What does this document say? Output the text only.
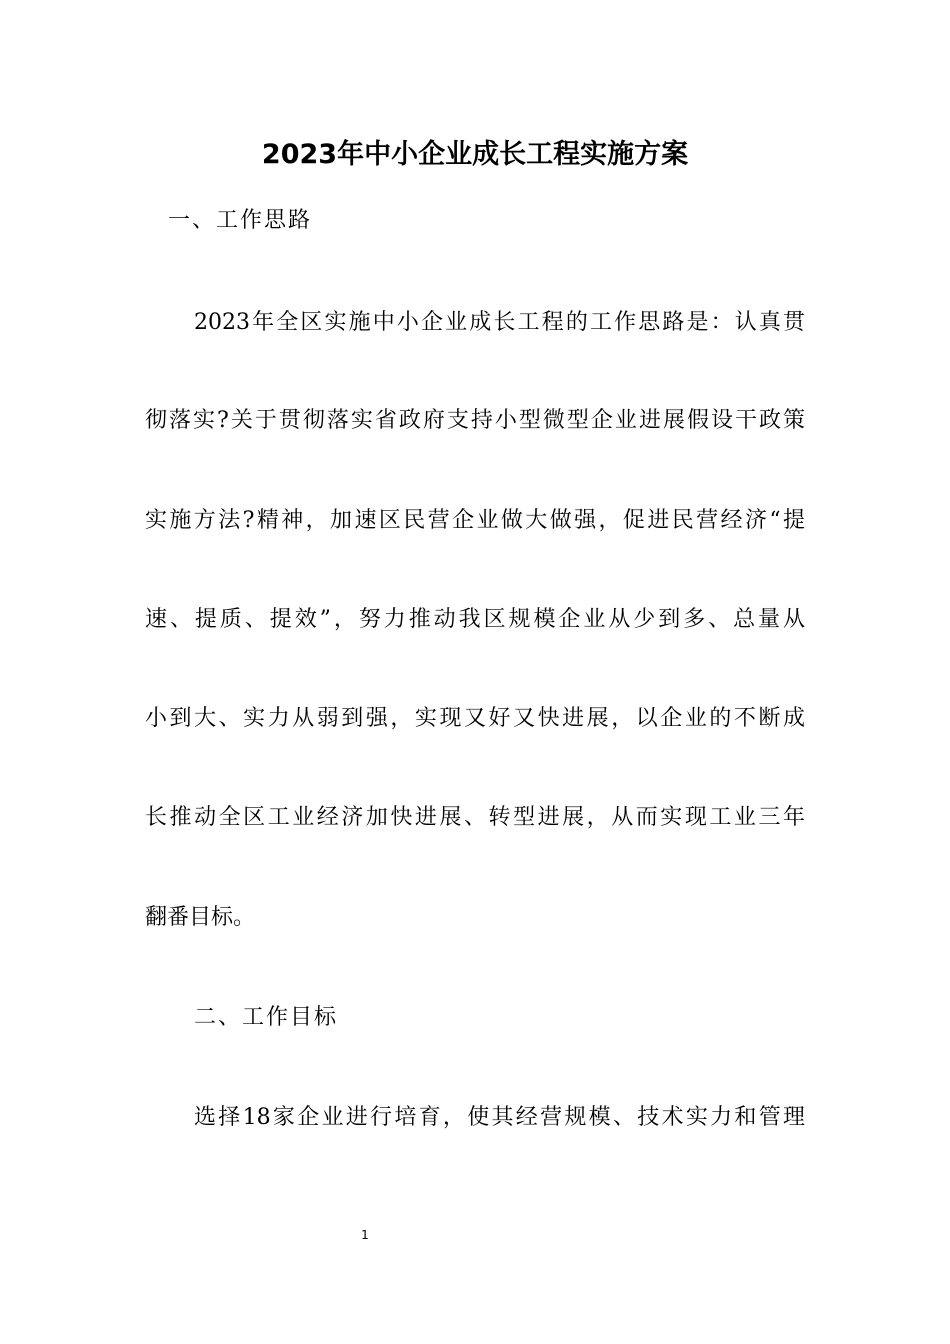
2023年中小企业成长工程实施方案
一、工作思路
2023年全区实施中小企业成长工程的工作思路是：认真贯
彻落实?关于贯彻落实省政府支持小型微型企业进展假设干政策
实施方法?精神，加速区民营企业做大做强，促进民营经济“提
速、提质、提效”，努力推动我区规模企业从少到多、总量从
小到大、实力从弱到强，实现又好又快进展，以企业的不断成
长推动全区工业经济加快进展、转型进展，从而实现工业三年
翻番目标。
二、工作目标
选择18家企业进行培育，使其经营规模、技术实力和管理
1
